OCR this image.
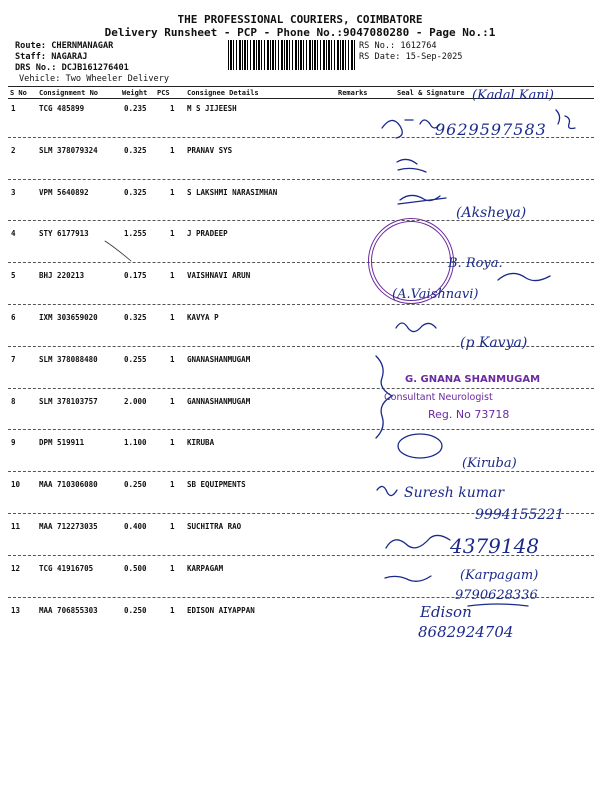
THE PROFESSIONAL COURIERS, COIMBATORE
Delivery Runsheet - PCP - Phone No.:9047080280 - Page No.:1
Route: CHERNMANAGAR
Staff: NAGARAJ
DRS No.: DCJB161276401
Vehicle: Two Wheeler Delivery
RS No.: 1612764
RS Date: 15-Sep-2025
S No Consignment No	Weight PCS Consignee Details	Remarks	Seal & Signature
1	TCG 485899	0.235	1 M S JIJEESH
2	SLM 378079324	0.325	1 PRANAV SYS
3	VPM 5640892	0.325	1 S LAKSHMI NARASIMHAN
4	STY 6177913	1.255	1 J PRADEEP
5	BHJ 220213	0.175	1 VAISHNAVI ARUN
6	IXM 303659020	0.325	1 KAVYA P
7	SLM 378088480	0.255	1 GNANASHANMUGAM
8	SLM 378103757	2.000	1 GANNASHANMUGAM
9	DPM 519911	1.100	1 KIRUBA
10	MAA 710306080	0.250	1 SB EQUIPMENTS
11	MAA 712273035	0.400	1 SUCHITRA RAO
12	TCG 41916705	0.500	1 KARPAGAM
13	MAA 706855303	0.250	1 EDISON AIYAPPAN
G. GNANA SHANMUGAM
Consultant Neurologist
Reg. No 73718
(Kadal Kani)
9629597583
(Aksheya)
B. Roya.
(A.Vaishnavi)
(p Kavya)
(Kiruba)
Suresh kumar
9994155221
4379148
(Karpagam)
9790628336
Edison
8682924704
